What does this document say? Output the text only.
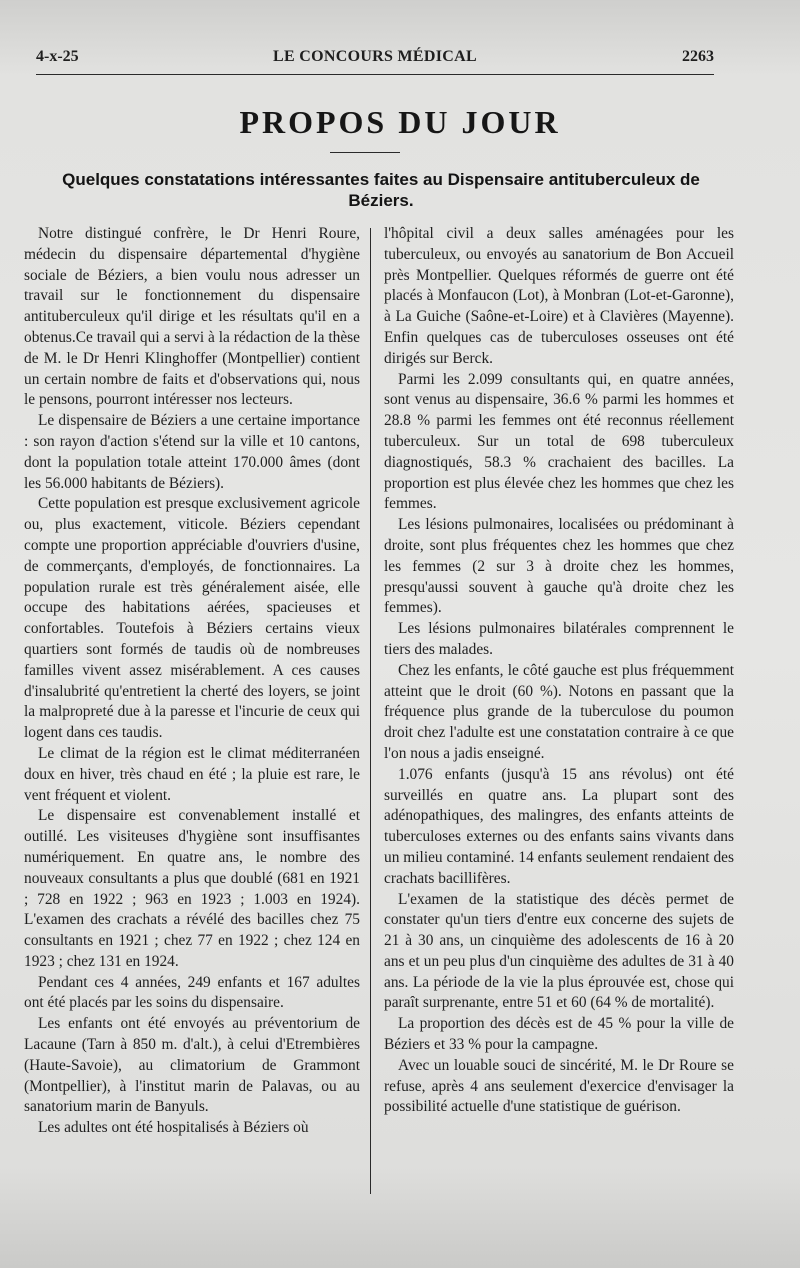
4-x-25	LE CONCOURS MÉDICAL	2263
PROPOS DU JOUR
Quelques constatations intéressantes faites au Dispensaire antituberculeux de Béziers.

Notre distingué confrère, le Dr Henri Roure, médecin du dispensaire départemental d'hygiène sociale de Béziers, a bien voulu nous adresser un travail sur le fonctionnement du dispensaire antituberculeux qu'il dirige et les résultats qu'il en a obtenus.Ce travail qui a servi à la rédaction de la thèse de M. le Dr Henri Klinghoffer (Montpellier) contient un certain nombre de faits et d'observations qui, nous le pensons, pourront intéresser nos lecteurs.

Le dispensaire de Béziers a une certaine importance : son rayon d'action s'étend sur la ville et 10 cantons, dont la population totale atteint 170.000 âmes (dont les 56.000 habitants de Béziers).

Cette population est presque exclusivement agricole ou, plus exactement, viticole. Béziers cependant compte une proportion appréciable d'ouvriers d'usine, de commerçants, d'employés, de fonctionnaires. La population rurale est très généralement aisée, elle occupe des habitations aérées, spacieuses et confortables. Toutefois à Béziers certains vieux quartiers sont formés de taudis où de nombreuses familles vivent assez misérablement. A ces causes d'insalubrité qu'entretient la cherté des loyers, se joint la malpropreté due à la paresse et l'incurie de ceux qui logent dans ces taudis.

Le climat de la région est le climat méditerranéen doux en hiver, très chaud en été ; la pluie est rare, le vent fréquent et violent.

Le dispensaire est convenablement installé et outillé. Les visiteuses d'hygiène sont insuffisantes numériquement. En quatre ans, le nombre des nouveaux consultants a plus que doublé (681 en 1921 ; 728 en 1922 ; 963 en 1923 ; 1.003 en 1924). L'examen des crachats a révélé des bacilles chez 75 consultants en 1921 ; chez 77 en 1922 ; chez 124 en 1923 ; chez 131 en 1924.

Pendant ces 4 années, 249 enfants et 167 adultes ont été placés par les soins du dispensaire.

Les enfants ont été envoyés au préventorium de Lacaune (Tarn à 850 m. d'alt.), à celui d'Etrembières (Haute-Savoie), au climatorium de Grammont (Montpellier), à l'institut marin de Palavas, ou au sanatorium marin de Banyuls.

Les adultes ont été hospitalisés à Béziers où

l'hôpital civil a deux salles aménagées pour les tuberculeux, ou envoyés au sanatorium de Bon Accueil près Montpellier. Quelques réformés de guerre ont été placés à Monfaucon (Lot), à Monbran (Lot-et-Garonne), à La Guiche (Saône-et-Loire) et à Clavières (Mayenne). Enfin quelques cas de tuberculoses osseuses ont été dirigés sur Berck.

Parmi les 2.099 consultants qui, en quatre années, sont venus au dispensaire, 36.6 % parmi les hommes et 28.8 % parmi les femmes ont été reconnus réellement tuberculeux. Sur un total de 698 tuberculeux diagnostiqués, 58.3 % crachaient des bacilles. La proportion est plus élevée chez les hommes que chez les femmes.

Les lésions pulmonaires, localisées ou prédominant à droite, sont plus fréquentes chez les hommes que chez les femmes (2 sur 3 à droite chez les hommes, presqu'aussi souvent à gauche qu'à droite chez les femmes).

Les lésions pulmonaires bilatérales comprennent le tiers des malades.

Chez les enfants, le côté gauche est plus fréquemment atteint que le droit (60 %). Notons en passant que la fréquence plus grande de la tuberculose du poumon droit chez l'adulte est une constatation contraire à ce que l'on nous a jadis enseigné.

1.076 enfants (jusqu'à 15 ans révolus) ont été surveillés en quatre ans. La plupart sont des adénopathiques, des malingres, des enfants atteints de tuberculoses externes ou des enfants sains vivants dans un milieu contaminé. 14 enfants seulement rendaient des crachats bacillifères.

L'examen de la statistique des décès permet de constater qu'un tiers d'entre eux concerne des sujets de 21 à 30 ans, un cinquième des adolescents de 16 à 20 ans et un peu plus d'un cinquième des adultes de 31 à 40 ans. La période de la vie la plus éprouvée est, chose qui paraît surprenante, entre 51 et 60 (64 % de mortalité).

La proportion des décès est de 45 % pour la ville de Béziers et 33 % pour la campagne.

Avec un louable souci de sincérité, M. le Dr Roure se refuse, après 4 ans seulement d'exercice d'envisager la possibilité actuelle d'une statistique de guérison.
